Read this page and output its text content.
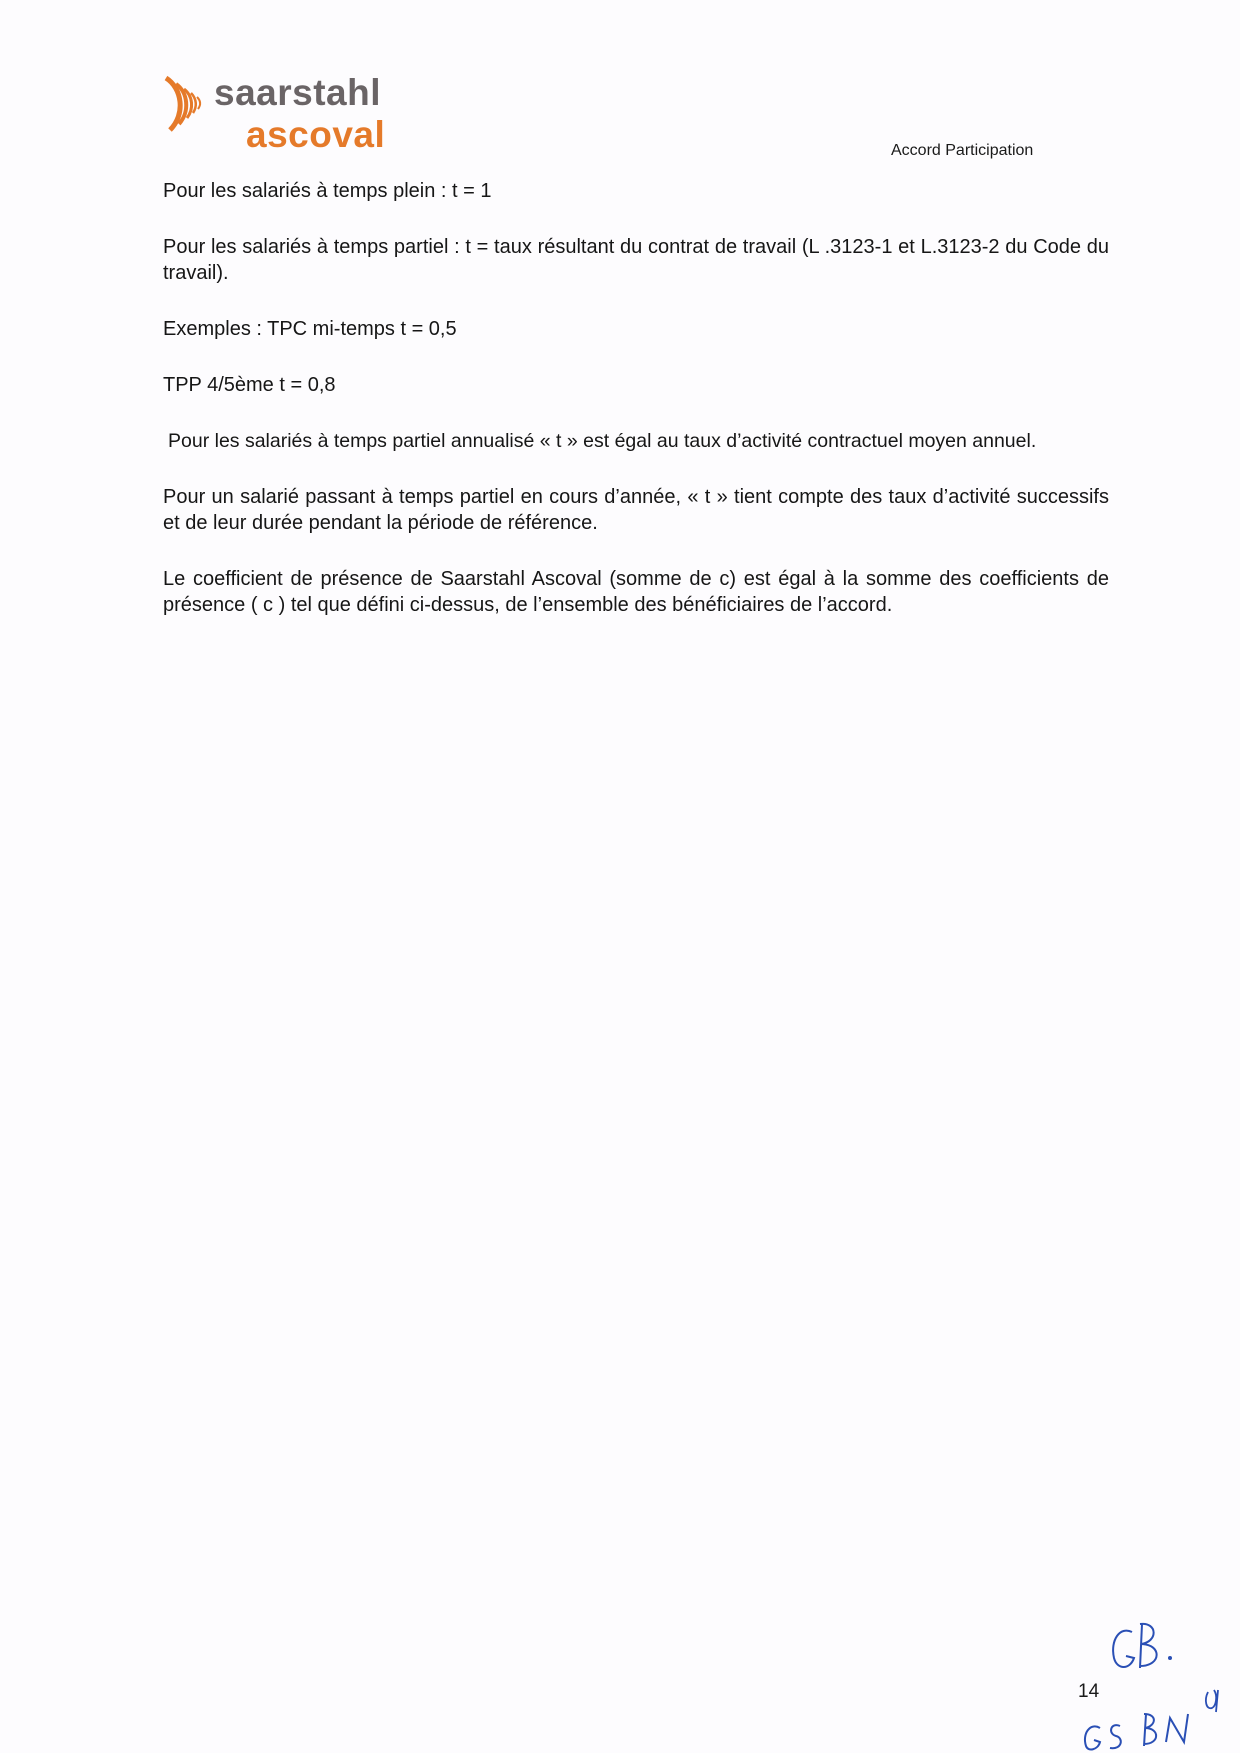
saarstahl
ascoval	Accord Participation

Pour les salariés à temps plein : t = 1

Pour les salariés à temps partiel : t = taux résultant du contrat de travail (L .3123-1 et L.3123-2 du Code du travail).

Exemples : TPC mi-temps t = 0,5

TPP 4/5ème t = 0,8

Pour les salariés à temps partiel annualisé « t » est égal au taux d’activité contractuel moyen annuel.

Pour un salarié passant à temps partiel en cours d’année, « t » tient compte des taux d’activité successifs et de leur durée pendant la période de référence.

Le coefficient de présence de Saarstahl Ascoval (somme de c) est égal à la somme des coefficients de présence ( c ) tel que défini ci-dessus, de l’ensemble des bénéficiaires de l’accord.

14
